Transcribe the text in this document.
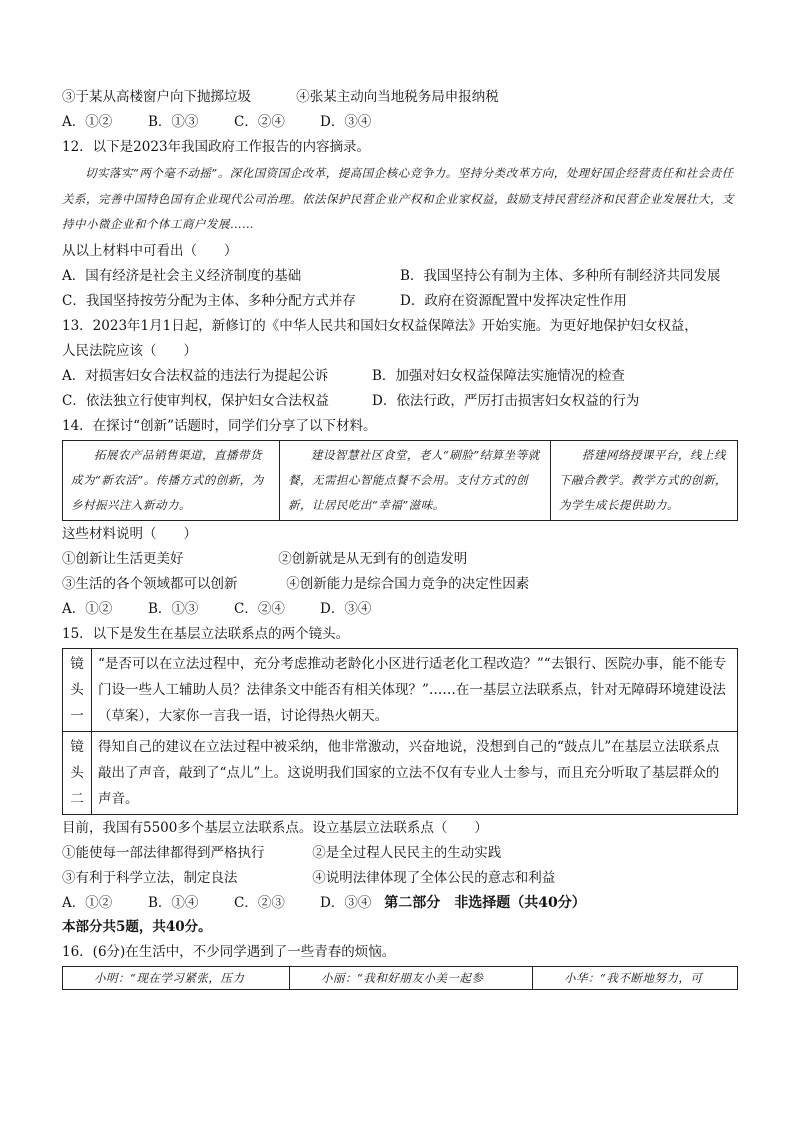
③于某从高楼窗户向下抛掷垃圾	④张某主动向当地税务局申报纳税
A．①②	B．①③	C．②④	D．③④
12．以下是2023年我国政府工作报告的内容摘录。

切实落实“两个毫不动摇”。深化国资国企改革，提高国企核心竞争力。坚持分类改革方向，处理好国企经营责任和社会责任关系，完善中国特色国有企业现代公司治理。依法保护民营企业产权和企业家权益，鼓励支持民营经济和民营企业发展壮大，支持中小微企业和个体工商户发展……

从以上材料中可看出（　　）
A．国有经济是社会主义经济制度的基础	B．我国坚持公有制为主体、多种所有制经济共同发展
C．我国坚持按劳分配为主体、多种分配方式并存	D．政府在资源配置中发挥决定性作用
13．2023年1月1日起，新修订的《中华人民共和国妇女权益保障法》开始实施。为更好地保护妇女权益，
人民法院应该（　　）
A．对损害妇女合法权益的违法行为提起公诉	B．加强对妇女权益保障法实施情况的检查
C．依法独立行使审判权，保护妇女合法权益	D．依法行政，严厉打击损害妇女权益的行为
14．在探讨“创新”话题时，同学们分享了以下材料。
拓展农产品销售渠道，直播带货成为“新农活”。传播方式的创新，为乡村振兴注入新动力。	建设智慧社区食堂，老人“刷脸”结算坐等就餐，无需担心智能点餐不会用。支付方式的创新，让居民吃出“幸福”滋味。	搭建网络授课平台，线上线下融合教学。教学方式的创新，为学生成长提供助力。
这些材料说明（　　）
①创新让生活更美好	②创新就是从无到有的创造发明
③生活的各个领域都可以创新	④创新能力是综合国力竞争的决定性因素
A．①②	B．①③	C．②④	D．③④
15．以下是发生在基层立法联系点的两个镜头。
镜头一	“是否可以在立法过程中，充分考虑推动老龄化小区进行适老化工程改造？”“去银行、医院办事，能不能专门设一些人工辅助人员？法律条文中能否有相关体现？”……在一基层立法联系点，针对无障碍环境建设法（草案），大家你一言我一语，讨论得热火朝天。
镜头二	得知自己的建议在立法过程中被采纳，他非常激动，兴奋地说，没想到自己的“鼓点儿”在基层立法联系点敲出了声音，敲到了“点儿”上。这说明我们国家的立法不仅有专业人士参与，而且充分听取了基层群众的声音。
目前，我国有5500多个基层立法联系点。设立基层立法联系点（　　）
①能使每一部法律都得到严格执行	②是全过程人民民主的生动实践
③有利于科学立法，制定良法	④说明法律体现了全体公民的意志和利益
A．①②	B．①④	C．②③	D．③④ 第二部分　非选择题（共40分）
本部分共5题，共40分。
16．(6分)在生活中，不少同学遇到了一些青春的烦恼。
小明：“现在学习紧张，压力	小丽：“我和好朋友小美一起参	小华：“我不断地努力，可
